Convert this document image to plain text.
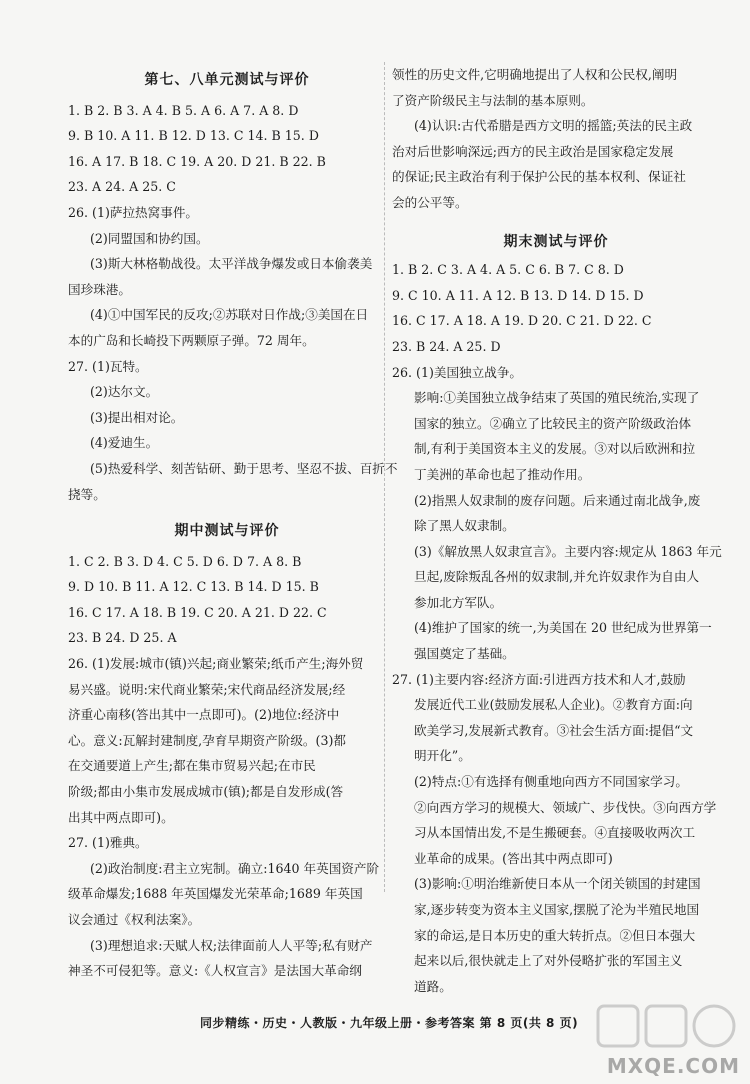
第七、八单元测试与评价
1. B 2. B 3. A 4. B 5. A 6. A 7. A 8. D
9. B 10. A 11. B 12. D 13. C 14. B 15. D
16. A 17. B 18. C 19. A 20. D 21. B 22. B
23. A 24. A 25. C
26. (1)萨拉热窝事件。
(2)同盟国和协约国。
(3)斯大林格勒战役。太平洋战争爆发或日本偷袭美
国珍珠港。
(4)①中国军民的反攻;②苏联对日作战;③美国在日
本的广岛和长崎投下两颗原子弹。72 周年。
27. (1)瓦特。
(2)达尔文。
(3)提出相对论。
(4)爱迪生。
(5)热爱科学、刻苦钻研、勤于思考、坚忍不拔、百折不
挠等。
期中测试与评价
1. C 2. B 3. D 4. C 5. D 6. D 7. A 8. B
9. D 10. B 11. A 12. C 13. B 14. D 15. B
16. C 17. A 18. B 19. C 20. A 21. D 22. C
23. B 24. D 25. A
26. (1)发展:城市(镇)兴起;商业繁荣;纸币产生;海外贸
易兴盛。说明:宋代商业繁荣;宋代商品经济发展;经
济重心南移(答出其中一点即可)。(2)地位:经济中
心。意义:瓦解封建制度,孕育早期资产阶级。(3)都
在交通要道上产生;都在集市贸易兴起;在市民
阶级;都由小集市发展成城市(镇);都是自发形成(答
出其中两点即可)。
27. (1)雅典。
(2)政治制度:君主立宪制。确立:1640 年英国资产阶
级革命爆发;1688 年英国爆发光荣革命;1689 年英国
议会通过《权利法案》。
(3)理想追求:天赋人权;法律面前人人平等;私有财产
神圣不可侵犯等。意义:《人权宣言》是法国大革命纲
领性的历史文件,它明确地提出了人权和公民权,阐明
了资产阶级民主与法制的基本原则。
(4)认识:古代希腊是西方文明的摇篮;英法的民主政
治对后世影响深远;西方的民主政治是国家稳定发展
的保证;民主政治有利于保护公民的基本权利、保证社
会的公平等。
期末测试与评价
1. B 2. C 3. A 4. A 5. C 6. B 7. C 8. D
9. C 10. A 11. A 12. B 13. D 14. D 15. D
16. C 17. A 18. A 19. D 20. C 21. D 22. C
23. B 24. A 25. D
26. (1)美国独立战争。
影响:①美国独立战争结束了英国的殖民统治,实现了
国家的独立。②确立了比较民主的资产阶级政治体
制,有利于美国资本主义的发展。③对以后欧洲和拉
丁美洲的革命也起了推动作用。
(2)指黑人奴隶制的废存问题。后来通过南北战争,废
除了黑人奴隶制。
(3)《解放黑人奴隶宣言》。主要内容:规定从 1863 年元
旦起,废除叛乱各州的奴隶制,并允许奴隶作为自由人
参加北方军队。
(4)维护了国家的统一,为美国在 20 世纪成为世界第一
强国奠定了基础。
27. (1)主要内容:经济方面:引进西方技术和人才,鼓励
发展近代工业(鼓励发展私人企业)。②教育方面:向
欧美学习,发展新式教育。③社会生活方面:提倡“文
明开化”。
(2)特点:①有选择有侧重地向西方不同国家学习。
②向西方学习的规模大、领域广、步伐快。③向西方学
习从本国情出发,不是生搬硬套。④直接吸收两次工
业革命的成果。(答出其中两点即可)
(3)影响:①明治维新使日本从一个闭关锁国的封建国
家,逐步转变为资本主义国家,摆脱了沦为半殖民地国
家的命运,是日本历史的重大转折点。②但日本强大
起来以后,很快就走上了对外侵略扩张的军国主义
道路。
同步精练・历史・人教版・九年级上册・参考答案 第 8 页(共 8 页)
MXQE.COM
